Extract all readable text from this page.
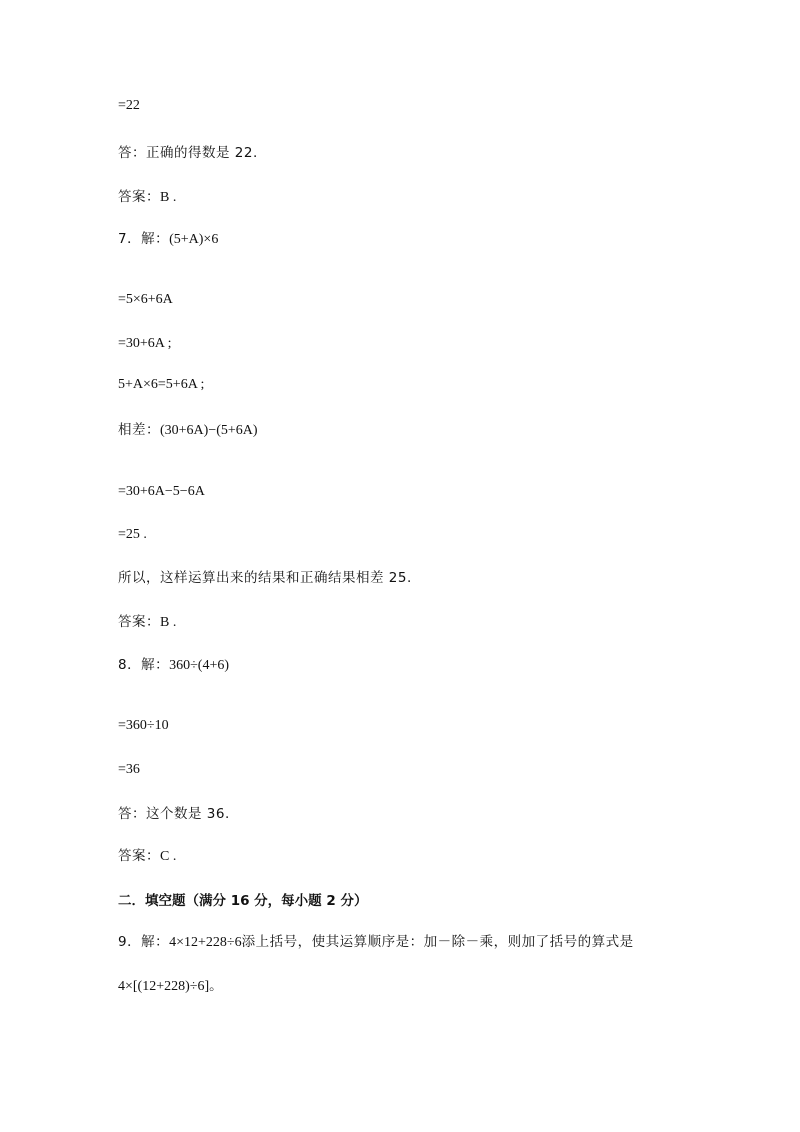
=22
答：正确的得数是 22.
答案：B .
7．解：(5+A)×6
=5×6+6A
=30+6A ;
5+A×6=5+6A ;
相差：(30+6A)−(5+6A)
=30+6A−5−6A
=25 .
所以，这样运算出来的结果和正确结果相差 25.
答案：B .
8．解：360÷(4+6)
=360÷10
=36
答：这个数是 36.
答案：C .
二．填空题（满分 16 分，每小题 2 分）
9．解：4×12+228÷6添上括号，使其运算顺序是：加－除－乘，则加了括号的算式是
4×[(12+228)÷6]。
